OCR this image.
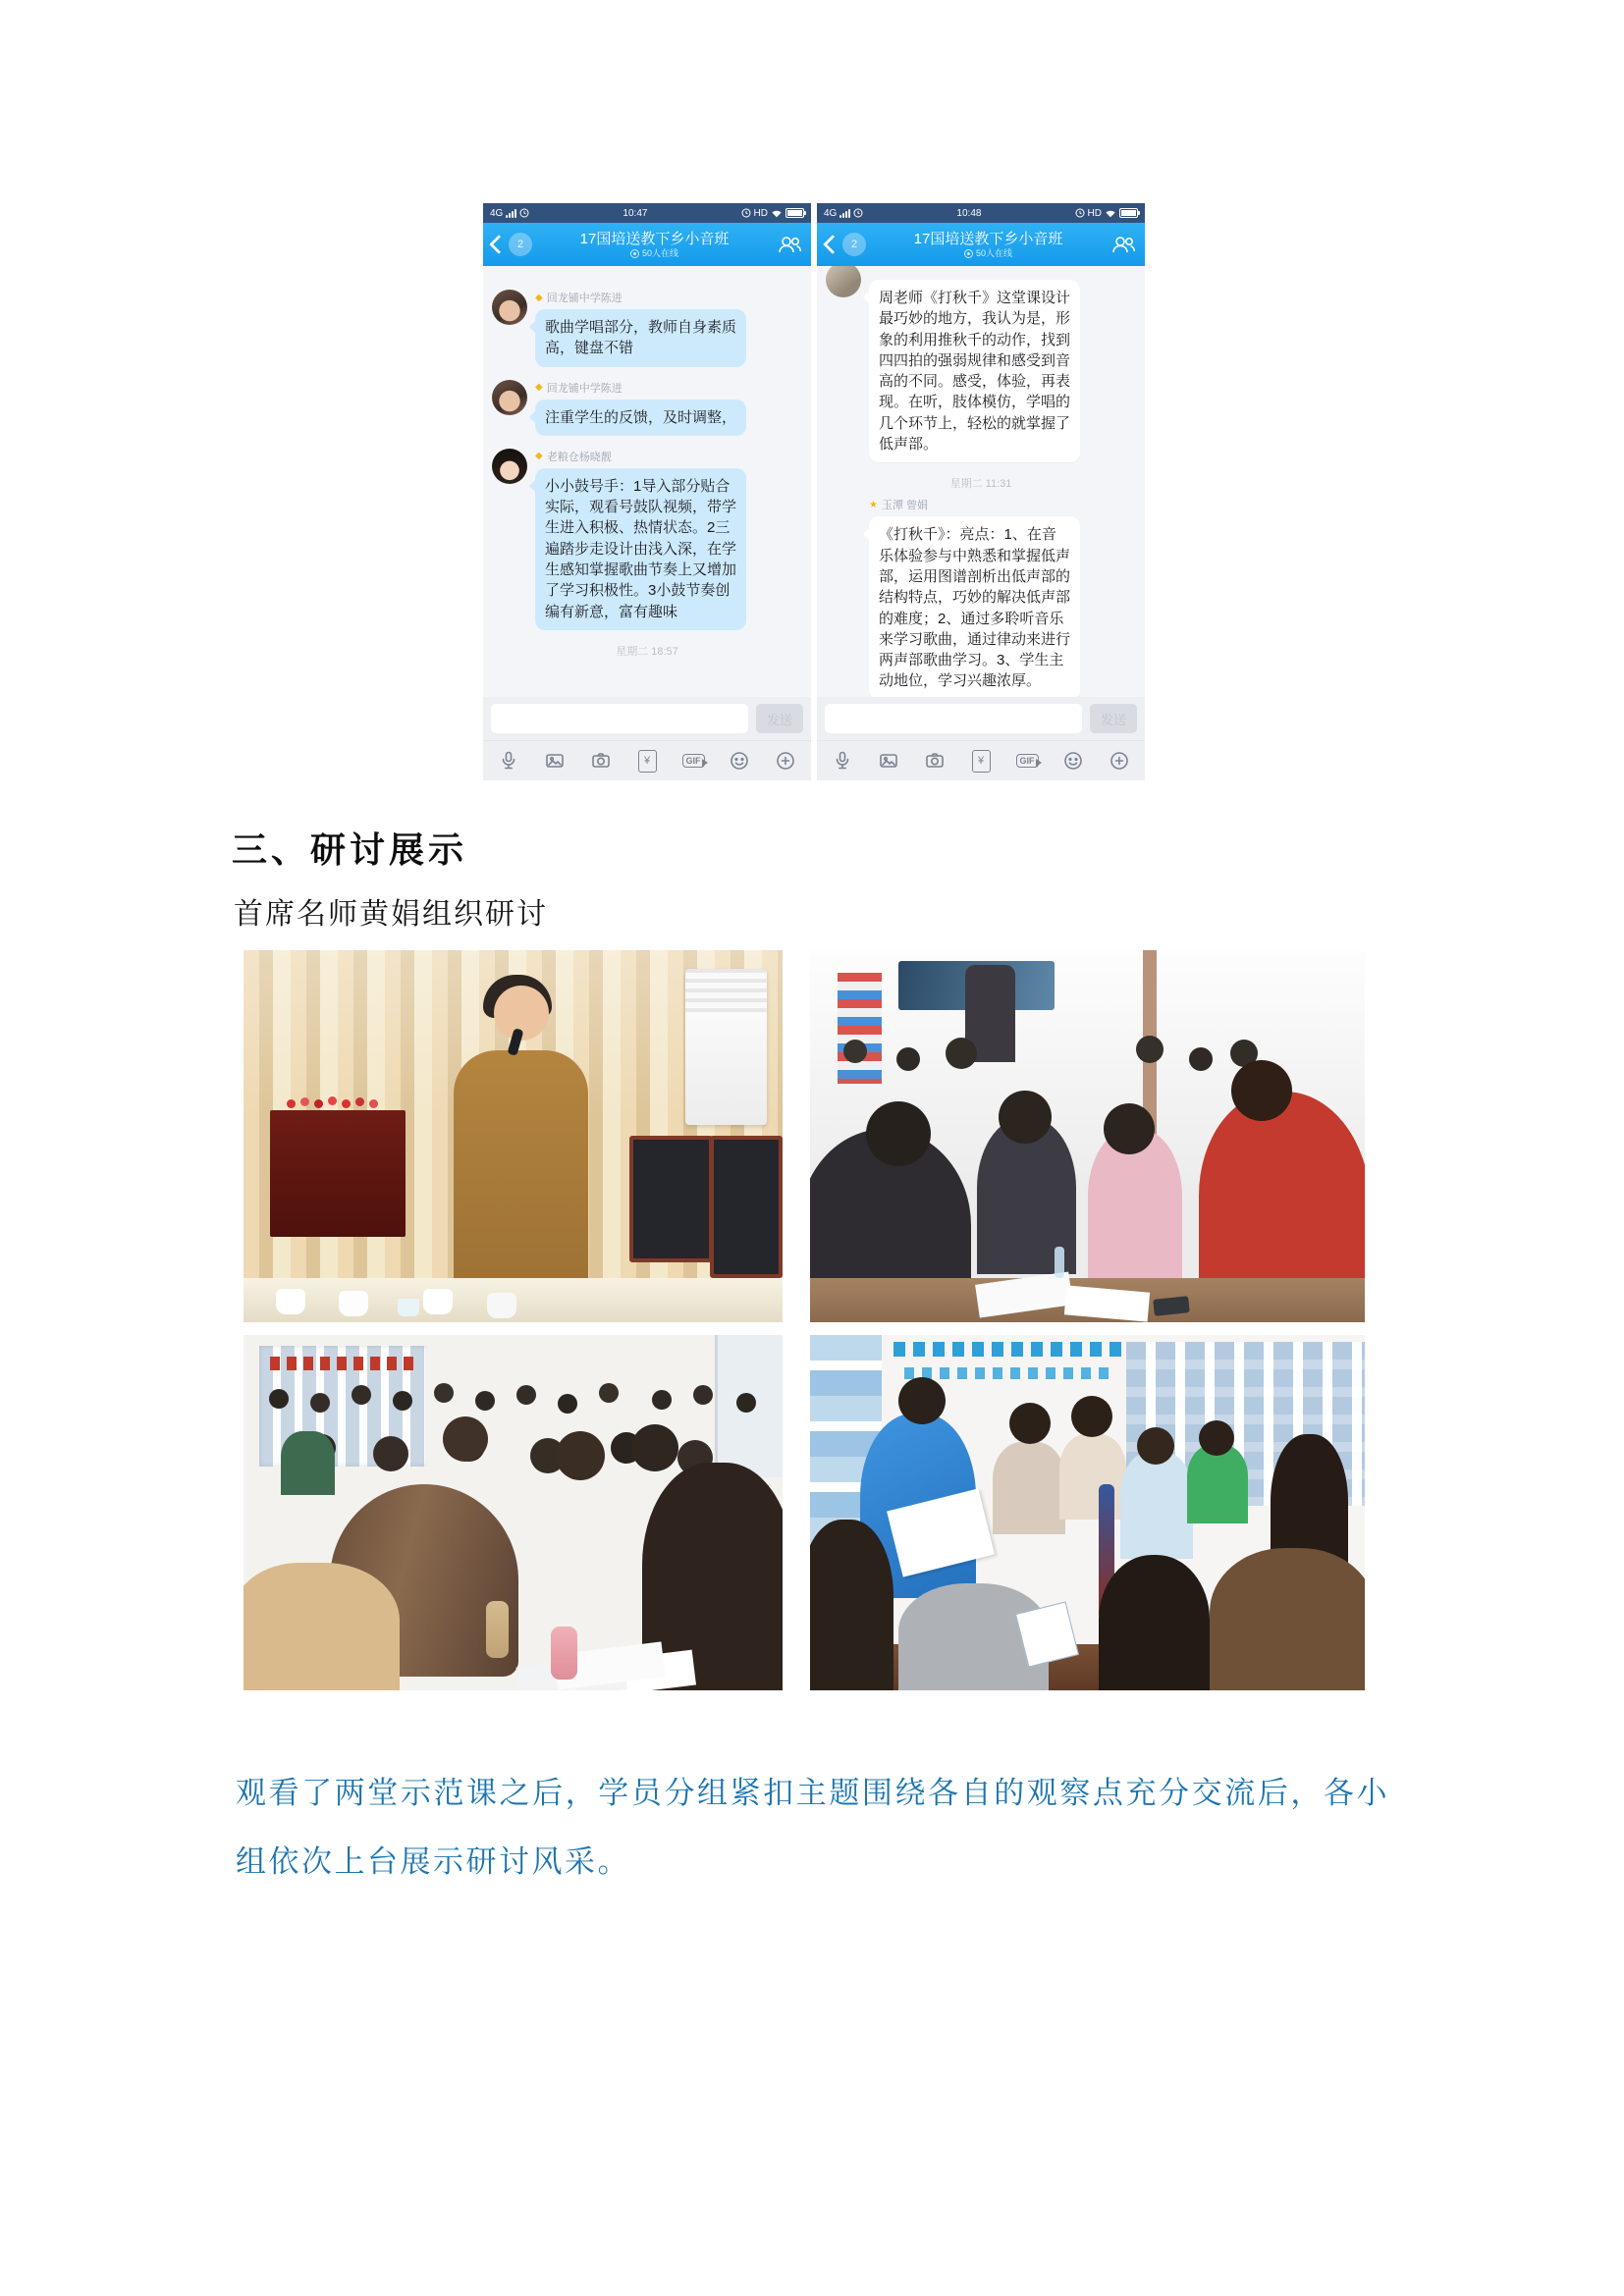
4G	10:47	HD
2	17国培送教下乡小音班
50人在线
◆ 回龙铺中学陈进
歌曲学唱部分，教师自身素质高，键盘不错
◆ 回龙铺中学陈进
注重学生的反馈，及时调整，
◆ 老粮仓杨晓靓
小小鼓号手：1导入部分贴合实际，观看号鼓队视频，带学生进入积极、热情状态。2三遍踏步走设计由浅入深，在学生感知掌握歌曲节奏上又增加了学习积极性。3小鼓节奏创编有新意，富有趣味
星期二 18:57
发送
¥	GIF
4G	10:48	HD
2	17国培送教下乡小音班
50人在线
周老师《打秋千》这堂课设计最巧妙的地方，我认为是，形象的利用推秋千的动作，找到四四拍的强弱规律和感受到音高的不同。感受，体验，再表现。在听，肢体模仿，学唱的几个环节上，轻松的就掌握了低声部。
星期二 11:31
★ 玉潭 曾娟
《打秋千》：亮点：1、在音乐体验参与中熟悉和掌握低声部，运用图谱剖析出低声部的结构特点，巧妙的解决低声部的难度；2、通过多聆听音乐来学习歌曲，通过律动来进行两声部歌曲学习。3、学生主动地位，学习兴趣浓厚。
发送
¥	GIF
三、研讨展示

首席名师黄娟组织研讨

观看了两堂示范课之后，学员分组紧扣主题围绕各自的观察点充分交流后，各小组依次上台展示研讨风采。
